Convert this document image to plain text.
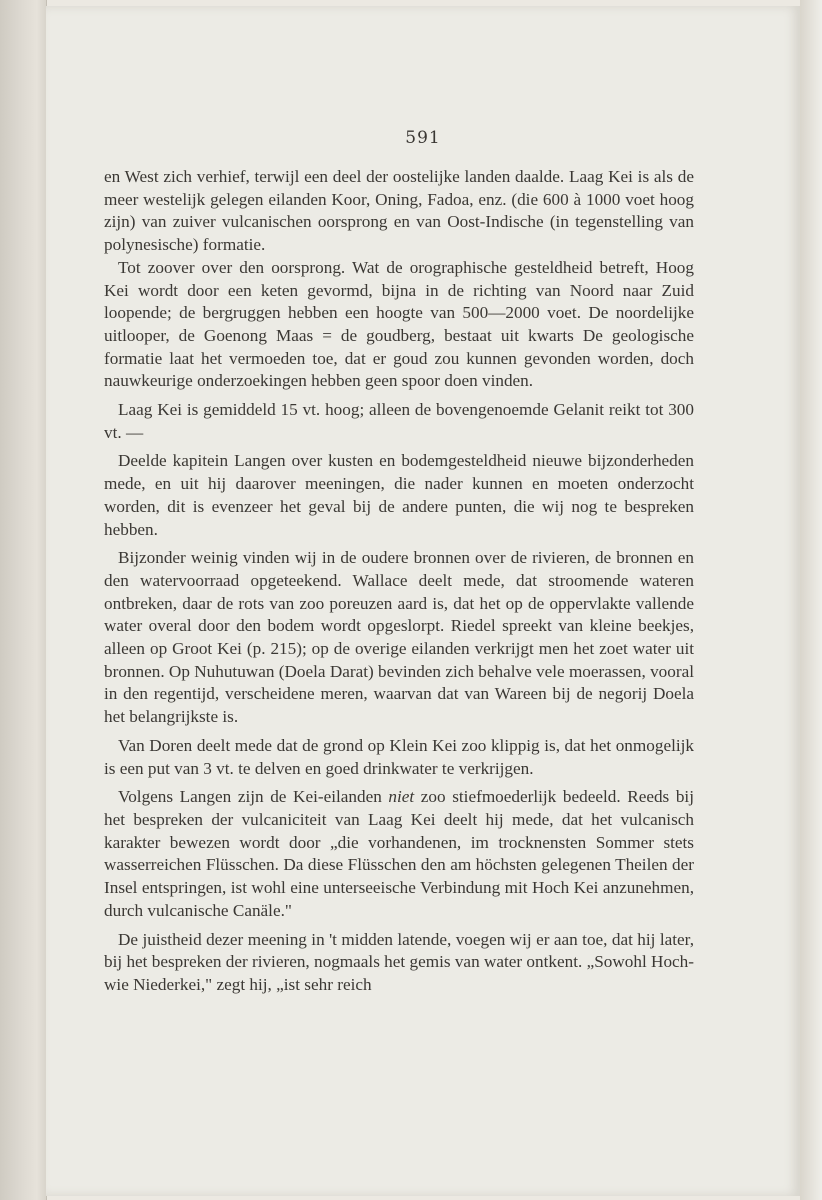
591

en West zich verhief, terwijl een deel der oostelijke landen daalde. Laag Kei is als de meer westelijk gelegen eilanden Koor, Oning, Fadoa, enz. (die 600 à 1000 voet hoog zijn) van zuiver vulcanischen oorsprong en van Oost-Indische (in tegenstelling van polynesische) formatie.

Tot zoover over den oorsprong. Wat de orographische gesteldheid betreft, Hoog Kei wordt door een keten gevormd, bijna in de richting van Noord naar Zuid loopende; de bergruggen hebben een hoogte van 500—2000 voet. De noordelijke uitlooper, de Goenong Maas = de goudberg, bestaat uit kwarts De geologische formatie laat het vermoeden toe, dat er goud zou kunnen gevonden worden, doch nauwkeurige onderzoekingen hebben geen spoor doen vinden.

Laag Kei is gemiddeld 15 vt. hoog; alleen de bovengenoemde Gelanit reikt tot 300 vt. —

Deelde kapitein Langen over kusten en bodemgesteldheid nieuwe bijzonderheden mede, en uit hij daarover meeningen, die nader kunnen en moeten onderzocht worden, dit is evenzeer het geval bij de andere punten, die wij nog te bespreken hebben.

Bijzonder weinig vinden wij in de oudere bronnen over de rivieren, de bronnen en den watervoorraad opgeteekend. Wallace deelt mede, dat stroomende wateren ontbreken, daar de rots van zoo poreuzen aard is, dat het op de oppervlakte vallende water overal door den bodem wordt opgeslorpt. Riedel spreekt van kleine beekjes, alleen op Groot Kei (p. 215); op de overige eilanden verkrijgt men het zoet water uit bronnen. Op Nuhutuwan (Doela Darat) bevinden zich behalve vele moerassen, vooral in den regentijd, verscheidene meren, waarvan dat van Wareen bij de negorij Doela het belangrijkste is.

Van Doren deelt mede dat de grond op Klein Kei zoo klippig is, dat het onmogelijk is een put van 3 vt. te delven en goed drinkwater te verkrijgen.

Volgens Langen zijn de Kei-eilanden niet zoo stiefmoederlijk bedeeld. Reeds bij het bespreken der vulcaniciteit van Laag Kei deelt hij mede, dat het vulcanisch karakter bewezen wordt door „die vorhandenen, im trocknensten Sommer stets wasserreichen Flüsschen. Da diese Flüsschen den am höchsten gelegenen Theilen der Insel entspringen, ist wohl eine unterseeische Verbindung mit Hoch Kei anzunehmen, durch vulcanische Canäle."

De juistheid dezer meening in 't midden latende, voegen wij er aan toe, dat hij later, bij het bespreken der rivieren, nogmaals het gemis van water ontkent. „Sowohl Hoch- wie Niederkei," zegt hij, „ist sehr reich
